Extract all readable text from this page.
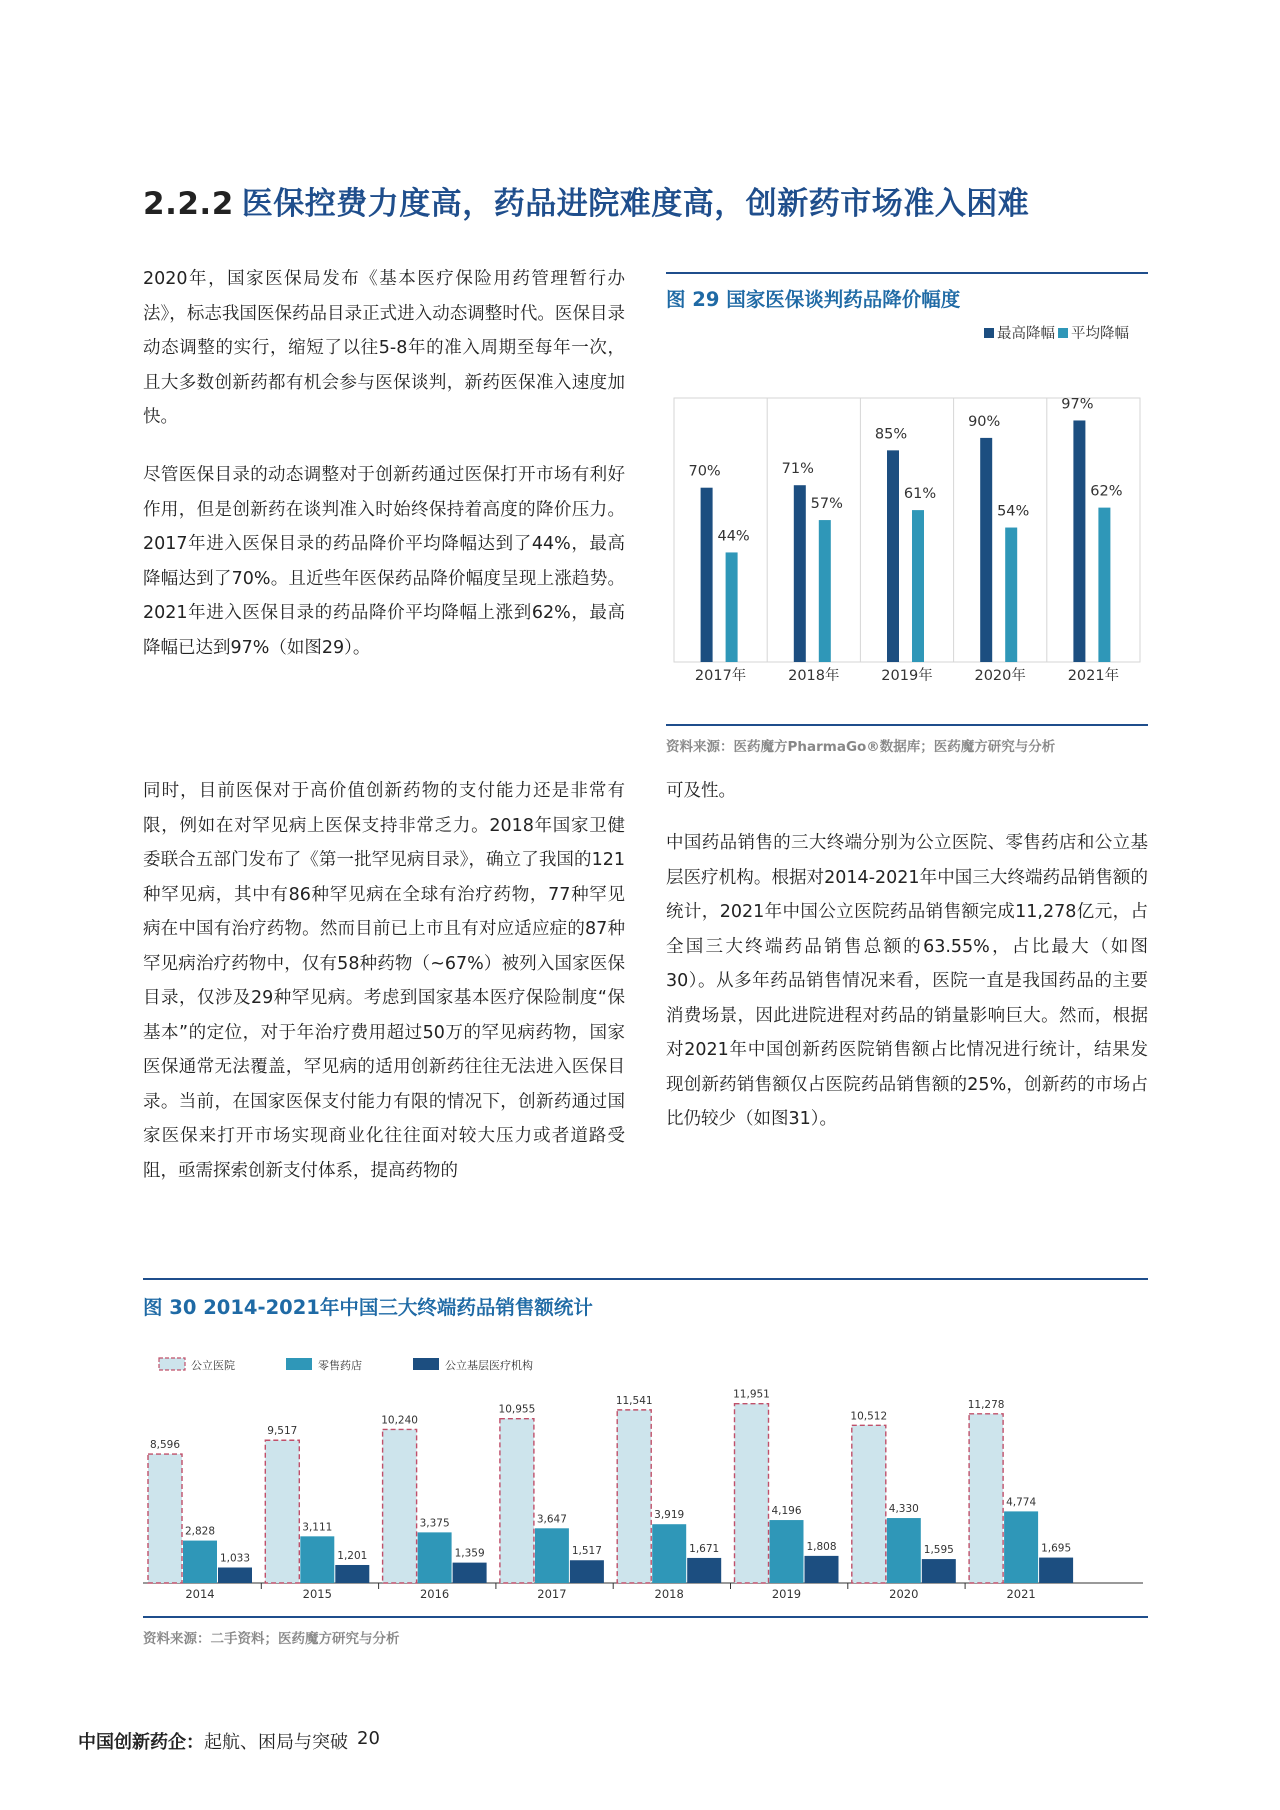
2.2.2 医保控费力度高，药品进院难度高，创新药市场准入困难
2020年，国家医保局发布《基本医疗保险用药管理暂行办法》，标志我国医保药品目录正式进入动态调整时代。医保目录动态调整的实行，缩短了以往5-8年的准入周期至每年一次，且大多数创新药都有机会参与医保谈判，新药医保准入速度加快。
尽管医保目录的动态调整对于创新药通过医保打开市场有利好作用，但是创新药在谈判准入时始终保持着高度的降价压力。2017年进入医保目录的药品降价平均降幅达到了44%，最高降幅达到了70%。且近些年医保药品降价幅度呈现上涨趋势。2021年进入医保目录的药品降价平均降幅上涨到62%，最高降幅已达到97%（如图29）。
同时，目前医保对于高价值创新药物的支付能力还是非常有限，例如在对罕见病上医保支持非常乏力。2018年国家卫健委联合五部门发布了《第一批罕见病目录》，确立了我国的121种罕见病，其中有86种罕见病在全球有治疗药物，77种罕见病在中国有治疗药物。然而目前已上市且有对应适应症的87种罕见病治疗药物中，仅有58种药物（~67%）被列入国家医保目录，仅涉及29种罕见病。考虑到国家基本医疗保险制度“保基本”的定位，对于年治疗费用超过50万的罕见病药物，国家医保通常无法覆盖，罕见病的适用创新药往往无法进入医保目录。当前，在国家医保支付能力有限的情况下，创新药通过国家医保来打开市场实现商业化往往面对较大压力或者道路受阻，亟需探索创新支付体系，提高药物的
可及性。
中国药品销售的三大终端分别为公立医院、零售药店和公立基层医疗机构。根据对2014-2021年中国三大终端药品销售额的统计，2021年中国公立医院药品销售额完成11,278亿元，占全国三大终端药品销售总额的63.55%，占比最大（如图30）。从多年药品销售情况来看，医院一直是我国药品的主要消费场景，因此进院进程对药品的销量影响巨大。然而，根据对2021年中国创新药医院销售额占比情况进行统计，结果发现创新药销售额仅占医院药品销售额的25%，创新药的市场占比仍较少（如图31）。
图 29 国家医保谈判药品降价幅度
最高降幅 平均降幅
70%
44%
2017年
71%
57%
2018年
85%
61%
2019年
90%
54%
2020年
97%
62%
2021年
资料来源：医药魔方PharmaGo®数据库；医药魔方研究与分析
图 30 2014-2021年中国三大终端药品销售额统计
公立医院	零售药店	公立基层医疗机构
8,596
2,828
1,033
2014
9,517
3,111
1,201
2015
10,240
3,375
1,359
2016
10,955
3,647
1,517
2017
11,541
3,919
1,671
2018
11,951
4,196
1,808
2019
10,512
4,330
1,595
2020
11,278
4,774
1,695
2021
资料来源：二手资料；医药魔方研究与分析
中国创新药企：起航、困局与突破 20
